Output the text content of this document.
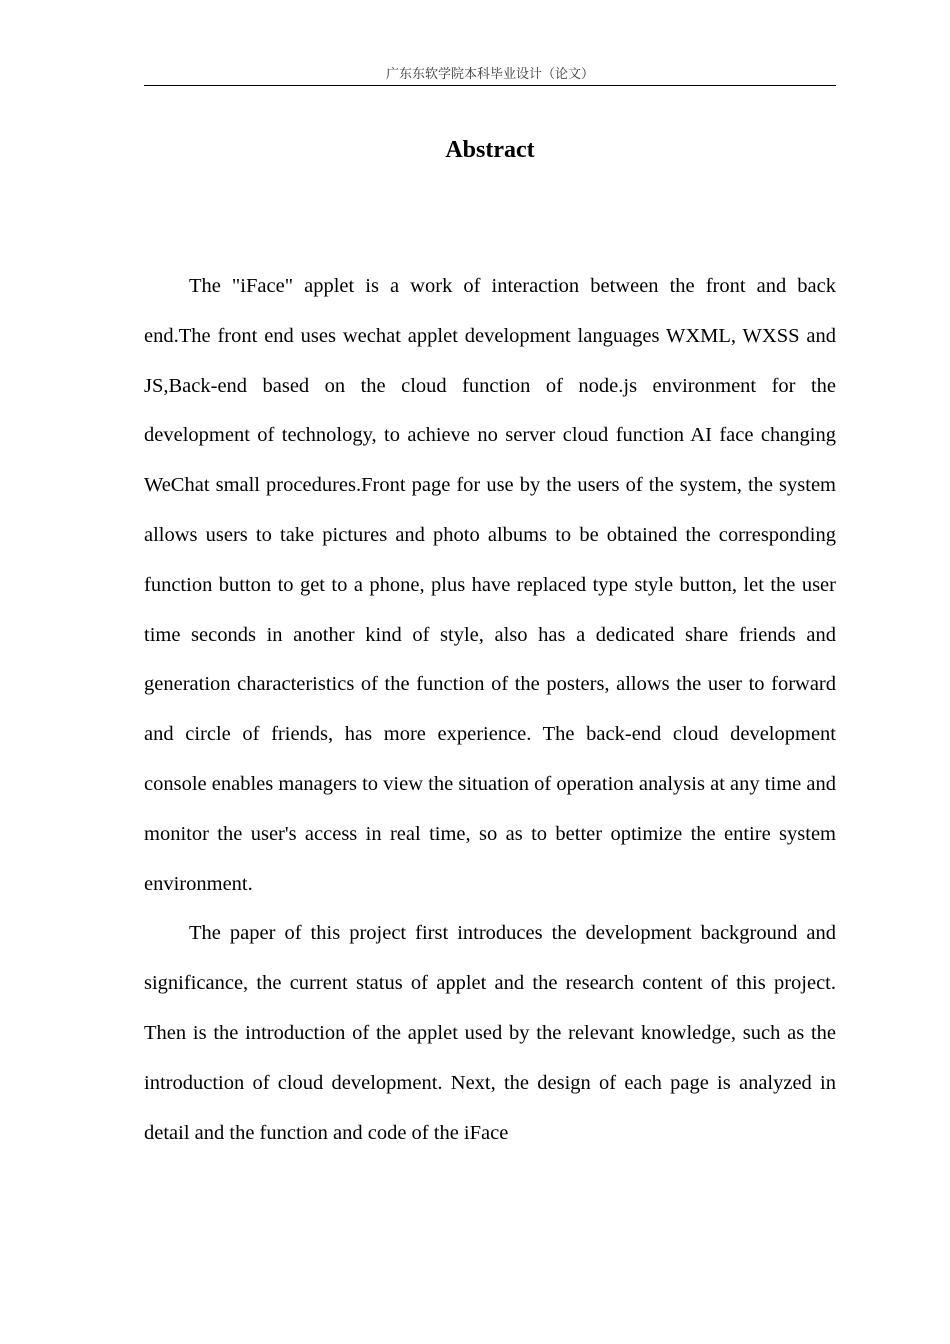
广东东软学院本科毕业设计（论文）
Abstract

The "iFace" applet is a work of interaction between the front and back end.The front end uses wechat applet development languages WXML, WXSS and JS,Back-end based on the cloud function of node.js environment for the development of technology, to achieve no server cloud function AI face changing WeChat small procedures.Front page for use by the users of the system, the system allows users to take pictures and photo albums to be obtained the corresponding function button to get to a phone, plus have replaced type style button, let the user time seconds in another kind of style, also has a dedicated share friends and generation characteristics of the function of the posters, allows the user to forward and circle of friends, has more experience. The back-end cloud development console enables managers to view the situation of operation analysis at any time and monitor the user's access in real time, so as to better optimize the entire system environment.

The paper of this project first introduces the development background and significance, the current status of applet and the research content of this project. Then is the introduction of the applet used by the relevant knowledge, such as the introduction of cloud development. Next, the design of each page is analyzed in detail and the function and code of the iFace
